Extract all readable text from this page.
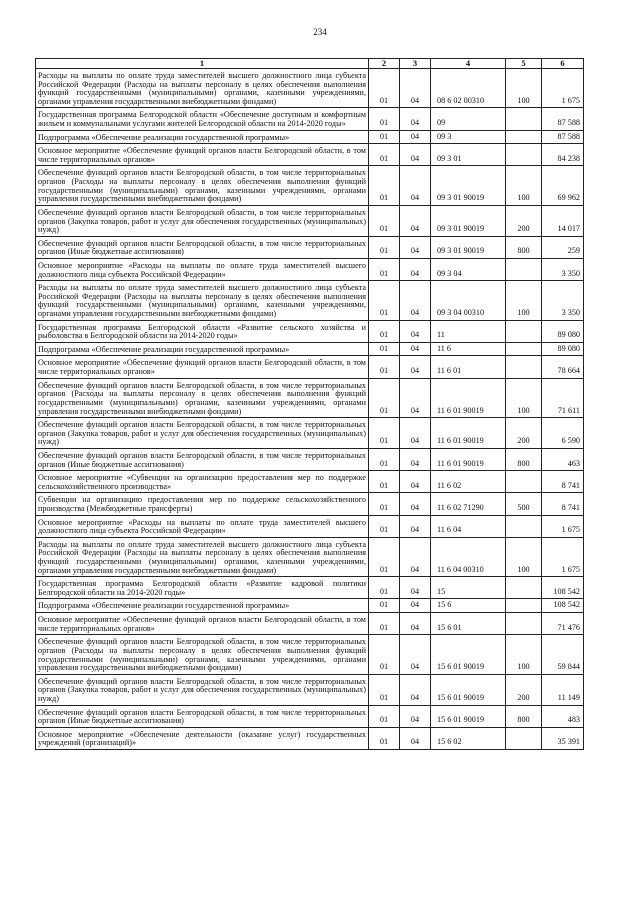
234
1	2	3	4	5	6
Расходы на выплаты по оплате труда заместителей высшего должностного лица субъекта Российской Федерации (Расходы на выплаты персоналу в целях обеспечения выполнения функций государственными (муниципальными) органами, казенными учреждениями, органами управления государственными внебюджетными фондами)	01	04	08 6 02 00310	100	1 675
Государственная программа Белгородской области «Обеспечение доступным и комфортным жильем и коммунальными услугами жителей Белгородской области на 2014-2020 годы»	01	04	09		87 588
Подпрограмма «Обеспечение реализации государственной программы»	01	04	09 3		87 588
Основное мероприятие «Обеспечение функций органов власти Белгородской области, в том числе территориальных органов»	01	04	09 3 01		84 238
Обеспечение функций органов власти Белгородской области, в том числе территориальных органов (Расходы на выплаты персоналу в целях обеспечения выполнения функций государственными (муниципальными) органами, казенными учреждениями, органами управления государственными внебюджетными фондами)	01	04	09 3 01 90019	100	69 962
Обеспечение функций органов власти Белгородской области, в том числе территориальных органов (Закупка товаров, работ и услуг для обеспечения государственных (муниципальных) нужд)	01	04	09 3 01 90019	200	14 017
Обеспечение функций органов власти Белгородской области, в том числе территориальных органов (Иные бюджетные ассигнования)	01	04	09 3 01 90019	800	259
Основное мероприятие «Расходы на выплаты по оплате труда заместителей высшего должностного лица субъекта Российской Федерации»	01	04	09 3 04		3 350
Расходы на выплаты по оплате труда заместителей высшего должностного лица субъекта Российской Федерации (Расходы на выплаты персоналу в целях обеспечения выполнения функций государственными (муниципальными) органами, казенными учреждениями, органами управления государственными внебюджетными фондами)	01	04	09 3 04 00310	100	3 350
Государственная программа Белгородской области «Развитие сельского хозяйства и рыболовства в Белгородской области на 2014-2020 годы»	01	04	11		89 080
Подпрограмма «Обеспечение реализации государственной программы»	01	04	11 6		89 080
Основное мероприятие «Обеспечение функций органов власти Белгородской области, в том числе территориальных органов»	01	04	11 6 01		78 664
Обеспечение функций органов власти Белгородской области, в том числе территориальных органов (Расходы на выплаты персоналу в целях обеспечения выполнения функций государственными (муниципальными) органами, казенными учреждениями, органами управления государственными внебюджетными фондами)	01	04	11 6 01 90019	100	71 611
Обеспечение функций органов власти Белгородской области, в том числе территориальных органов (Закупка товаров, работ и услуг для обеспечения государственных (муниципальных) нужд)	01	04	11 6 01 90019	200	6 590
Обеспечение функций органов власти Белгородской области, в том числе территориальных органов (Иные бюджетные ассигнования)	01	04	11 6 01 90019	800	463
Основное мероприятие «Субвенции на организацию предоставления мер по поддержке сельскохозяйственного производства»	01	04	11 6 02		8 741
Субвенции на организацию предоставления мер по поддержке сельскохозяйственного производства (Межбюджетные трансферты)	01	04	11 6 02 71290	500	8 741
Основное мероприятие «Расходы на выплаты по оплате труда заместителей высшего должностного лица субъекта Российской Федерации»	01	04	11 6 04		1 675
Расходы на выплаты по оплате труда заместителей высшего должностного лица субъекта Российской Федерации (Расходы на выплаты персоналу в целях обеспечения выполнения функций государственными (муниципальными) органами, казенными учреждениями, органами управления государственными внебюджетными фондами)	01	04	11 6 04 00310	100	1 675
Государственная программа Белгородской области «Развитие кадровой политики Белгородской области на 2014-2020 годы»	01	04	15		108 542
Подпрограмма «Обеспечение реализации государственной программы»	01	04	15 6		108 542
Основное мероприятие «Обеспечение функций органов власти Белгородской области, в том числе территориальных органов»	01	04	15 6 01		71 476
Обеспечение функций органов власти Белгородской области, в том числе территориальных органов (Расходы на выплаты персоналу в целях обеспечения выполнения функций государственными (муниципальными) органами, казенными учреждениями, органами управления государственными внебюджетными фондами)	01	04	15 6 01 90019	100	59 844
Обеспечение функций органов власти Белгородской области, в том числе территориальных органов (Закупка товаров, работ и услуг для обеспечения государственных (муниципальных) нужд)	01	04	15 6 01 90019	200	11 149
Обеспечение функций органов власти Белгородской области, в том числе территориальных органов (Иные бюджетные ассигнования)	01	04	15 6 01 90019	800	483
Основное мероприятие «Обеспечение деятельности (оказание услуг) государственных учреждений (организаций)»	01	04	15 6 02		35 391
